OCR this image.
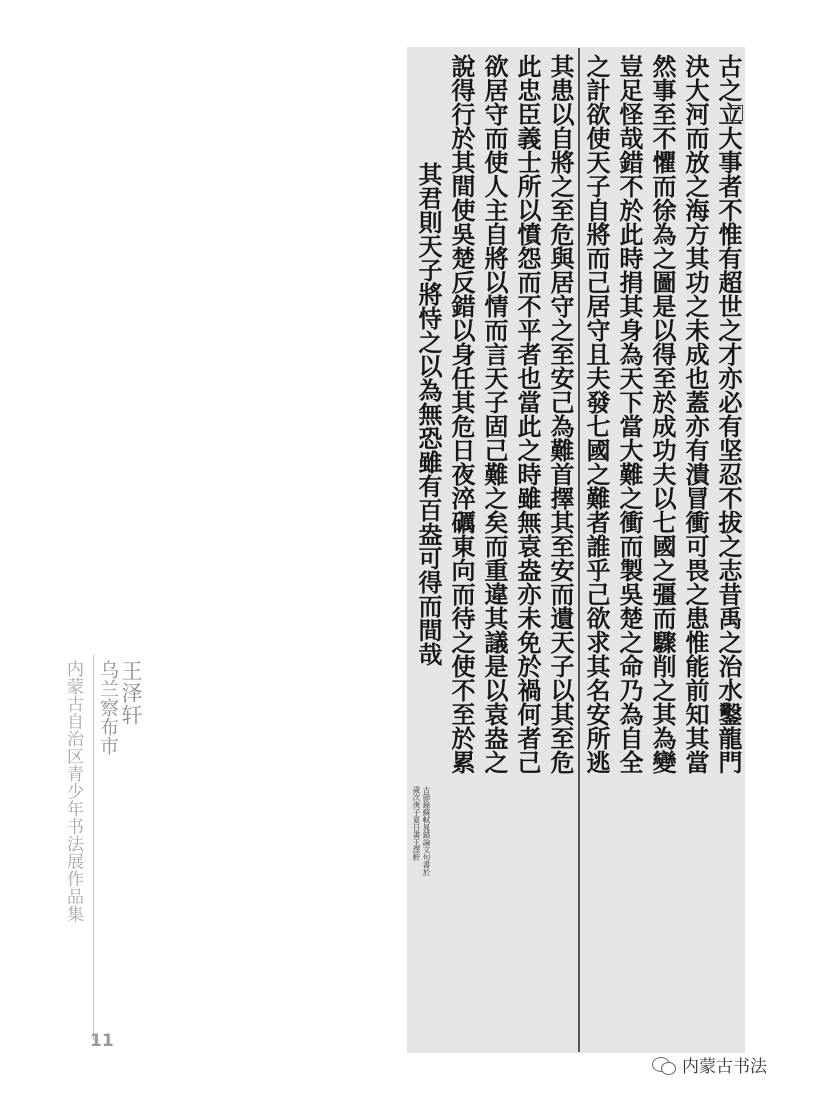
内蒙古自治区青少年书法展作品集 王泽轩
乌兰察布市
11
古之立大事者不惟有超世之才亦必有坚忍不拔之志昔禹之治水鑿龍門
決大河而放之海方其功之未成也蓋亦有潰冒衝可畏之患惟能前知其當
然事至不懼而徐為之圖是以得至於成功夫以七國之彊而驟削之其為變
豈足怪哉錯不於此時捐其身為天下當大難之衝而製吳楚之命乃為自全
之計欲使天子自將而己居守且夫發七國之難者誰乎己欲求其名安所逃
其患以自將之至危與居守之至安己為難首擇其至安而遺天子以其至危
此忠臣義士所以憤怨而不平者也當此之時雖無袁盎亦未免於禍何者己
欲居守而使人主自將以情而言天子固己難之矣而重違其議是以袁盎之
說得行於其間使吳楚反錯以身任其危日夜淬礪東向而待之使不至於累
其君則天子將恃之以為無恐雖有百盎可得而間哉
古節錄蘇軾晁錯論文句書於
歲次庚子夏日書王澤軒
内蒙古书法
